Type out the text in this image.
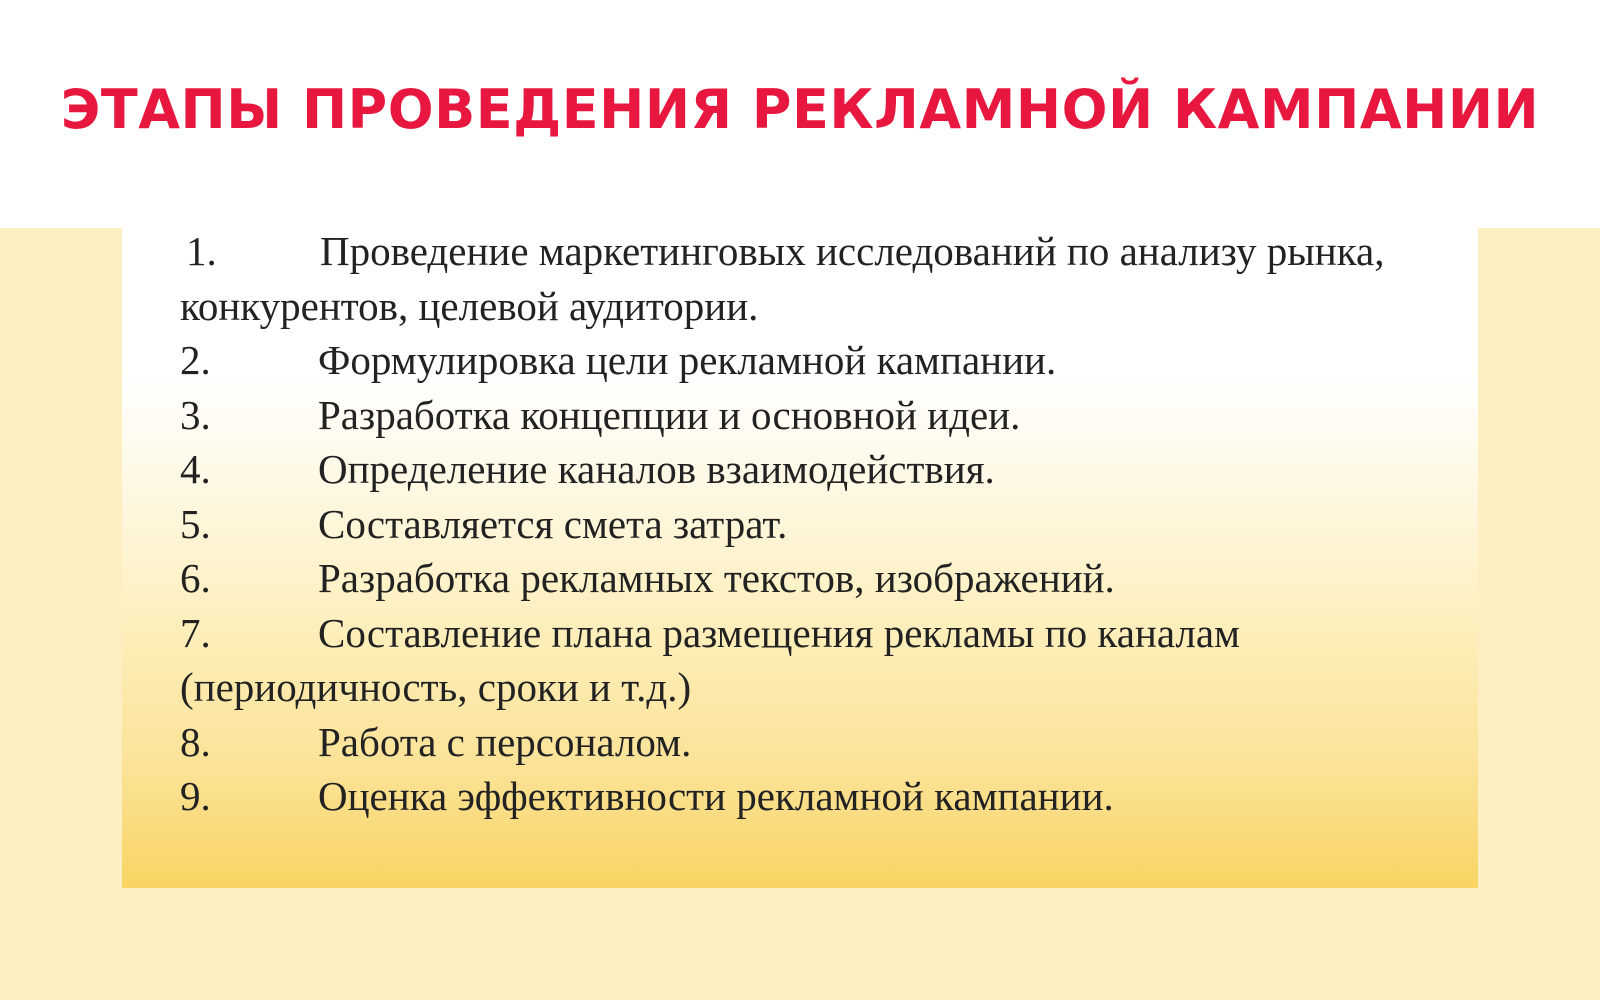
ЭТАПЫ ПРОВЕДЕНИЯ РЕКЛАМНОЙ КАМПАНИИ
1.	Проведение маркетинговых исследований по анализу рынка, конкурентов, целевой аудитории.
2.	Формулировка цели рекламной кампании.
3.	Разработка концепции и основной идеи.
4.	Определение каналов взаимодействия.
5.	Составляется смета затрат.
6.	Разработка рекламных текстов, изображений.
7.	Составление плана размещения рекламы по каналам (периодичность, сроки и т.д.)
8.	Работа с персоналом.
9.	Оценка эффективности рекламной кампании.
